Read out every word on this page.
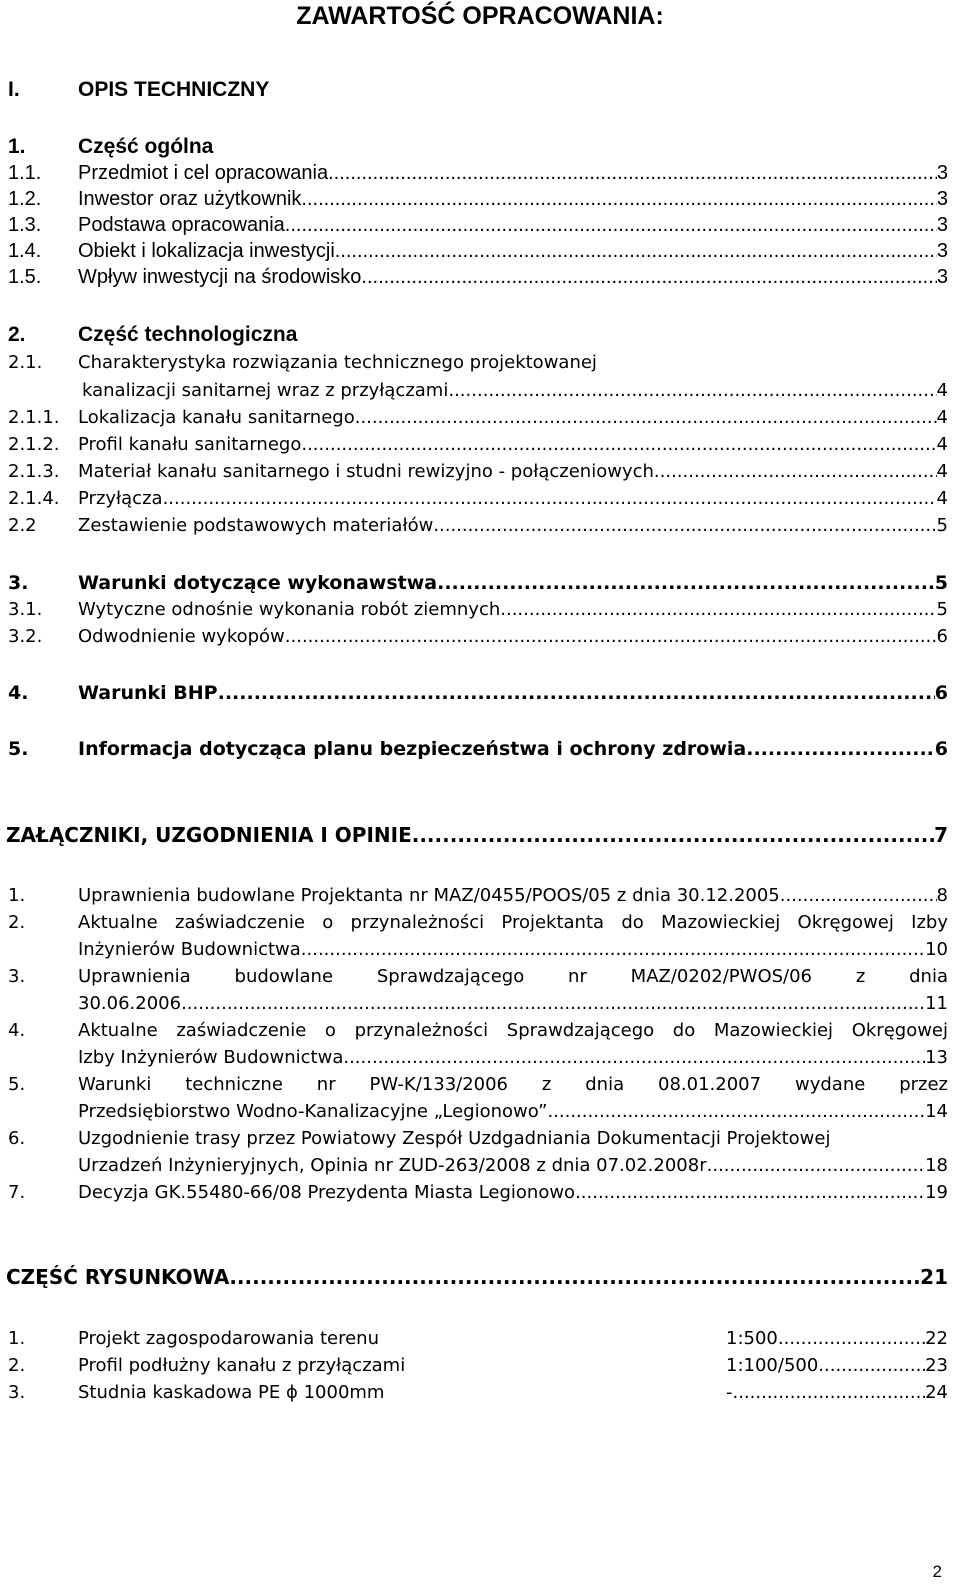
ZAWARTOŚĆ OPRACOWANIA:
I.	OPIS TECHNICZNY
1. Część ogólna
1.1. Przedmiot i cel opracowania .....	3
1.2. Inwestor oraz użytkownik .....	3
1.3. Podstawa opracowania .....	3
1.4. Obiekt i lokalizacja inwestycji .....	3
1.5. Wpływ inwestycji na środowisko .....	3
2. Część technologiczna
2.1. Charakterystyka rozwiązania technicznego projektowanej
kanalizacji sanitarnej wraz z przyłączami .....	4
2.1.1. Lokalizacja kanału sanitarnego .....	4
2.1.2. Profil kanału sanitarnego .....	4
2.1.3. Materiał kanału sanitarnego i studni rewizyjno - połączeniowych .....	4
2.1.4. Przyłącza .....	4
2.2 Zestawienie podstawowych materiałów .....	5
3.	Warunki dotyczące wykonawstwa .....	5
3.1. Wytyczne odnośnie wykonania robót ziemnych .....	5
3.2. Odwodnienie wykopów .....	6
4.	Warunki BHP .....	6
5.	Informacja dotycząca planu bezpieczeństwa i ochrony zdrowia .....	6
ZAŁĄCZNIKI, UZGODNIENIA I OPINIE .....	7
1.	Uprawnienia budowlane Projektanta nr MAZ/0455/POOS/05 z dnia 30.12.2005 .....	8
2.	Aktualne zaświadczenie o przynależności Projektanta do Mazowieckiej Okręgowej Izby
Inżynierów Budownictwa .....	10
3.	Uprawnienia budowlane Sprawdzającego nr MAZ/0202/PWOS/06 z dnia
30.06.2006 .....	11
4.	Aktualne zaświadczenie o przynależności Sprawdzającego do Mazowieckiej Okręgowej
Izby Inżynierów Budownictwa .....	13
5.	Warunki techniczne nr PW-K/133/2006 z dnia 08.01.2007 wydane przez
Przedsiębiorstwo Wodno-Kanalizacyjne „Legionowo” .....	14
6.	Uzgodnienie trasy przez Powiatowy Zespół Uzdgadniania Dokumentacji Projektowej
Urzadzeń Inżynieryjnych, Opinia nr ZUD-263/2008 z dnia 07.02.2008r .....	18
7.	Decyzja GK.55480-66/08 Prezydenta Miasta Legionowo .....	19
CZĘŚĆ RYSUNKOWA .....	21
1.	Projekt zagospodarowania terenu	1:500 .....	22
2.	Profil podłużny kanału z przyłączami	1:100/500 .....	23
3.	Studnia kaskadowa PE ϕ 1000mm	- .....	24
2
